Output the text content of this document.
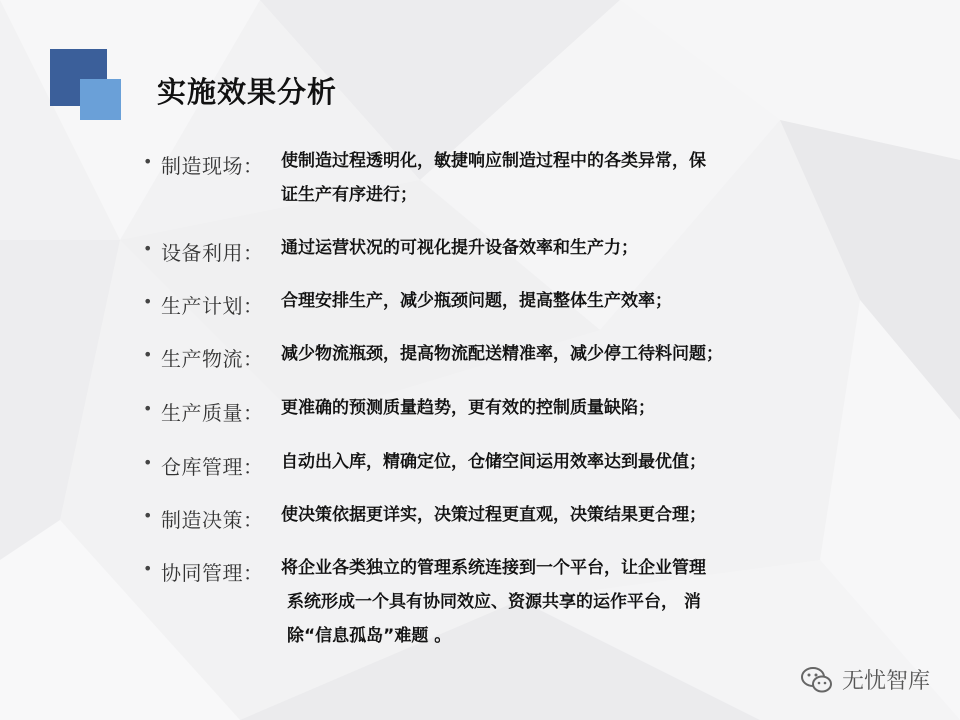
实施效果分析
• 制造现场： 使制造过程透明化，敏捷响应制造过程中的各类异常，保
证生产有序进行；
• 设备利用： 通过运营状况的可视化提升设备效率和生产力；
• 生产计划： 合理安排生产，减少瓶颈问题，提高整体生产效率；
• 生产物流： 减少物流瓶颈，提高物流配送精准率，减少停工待料问题；
• 生产质量： 更准确的预测质量趋势，更有效的控制质量缺陷；
• 仓库管理： 自动出入库，精确定位，仓储空间运用效率达到最优值；
• 制造决策： 使决策依据更详实，决策过程更直观，决策结果更合理；
• 协同管理： 将企业各类独立的管理系统连接到一个平台，让企业管理
系统形成一个具有协同效应、资源共享的运作平台， 消
除“信息孤岛”难题 。
无忧智库
